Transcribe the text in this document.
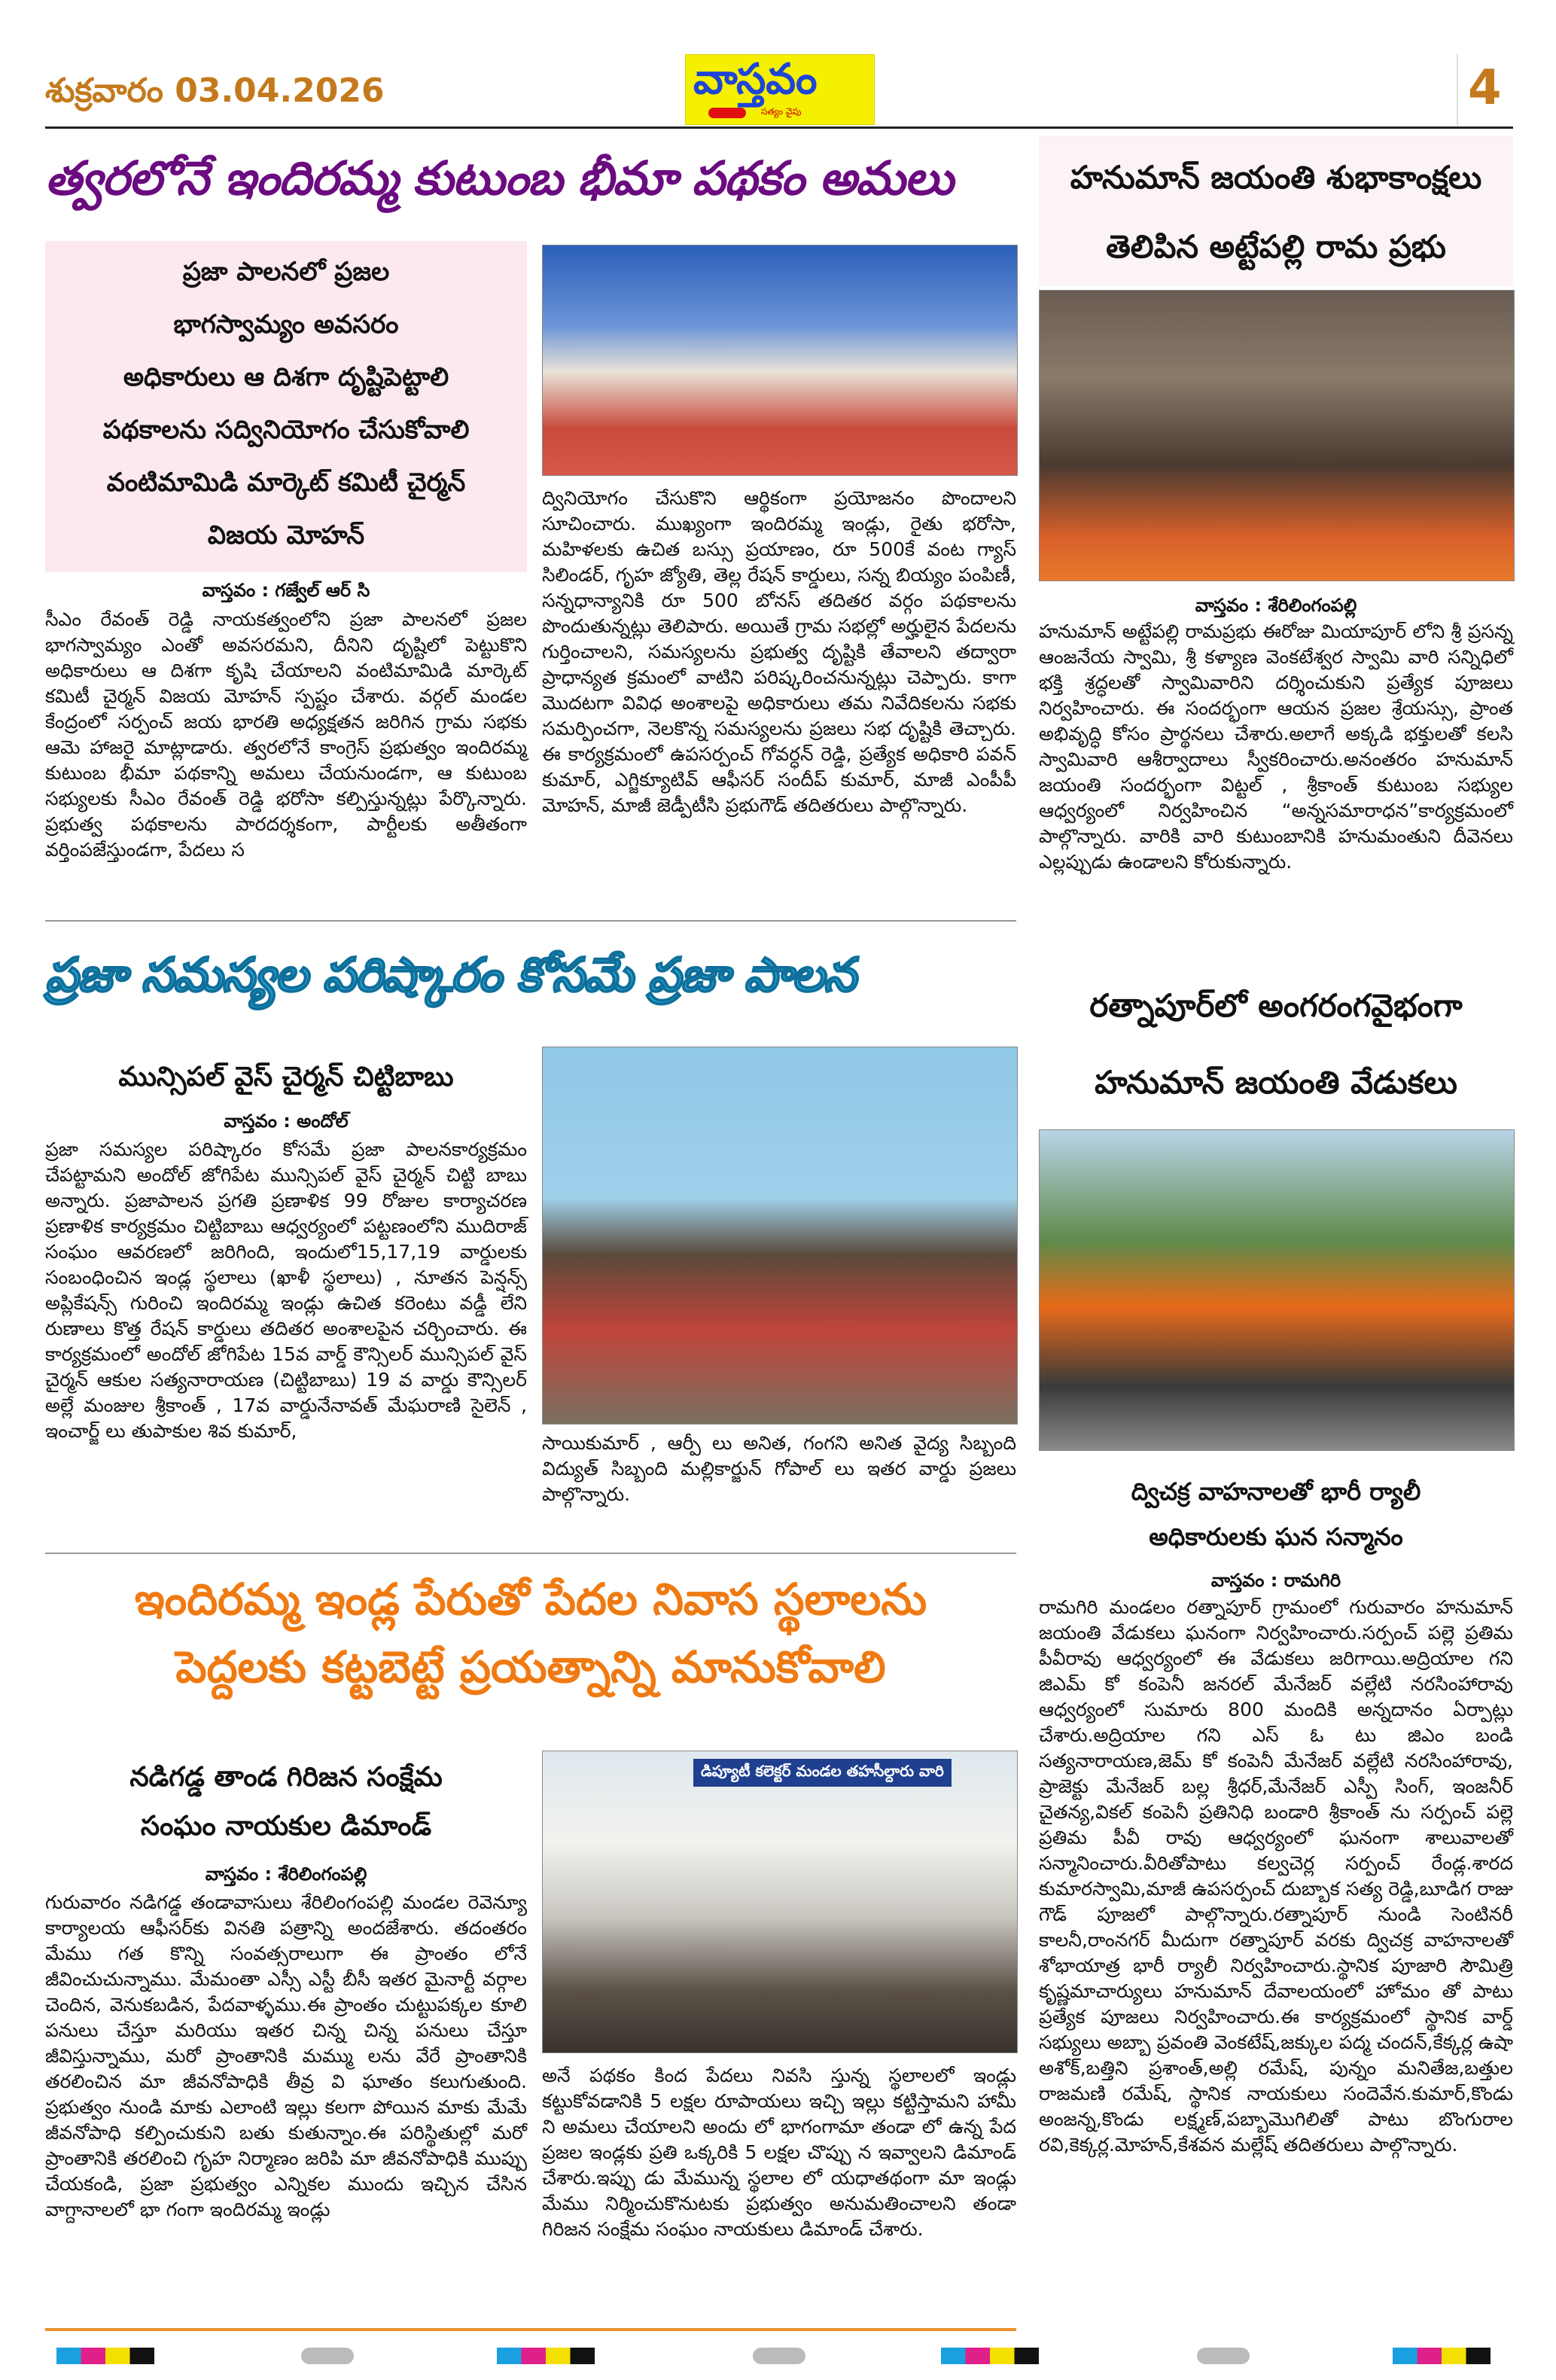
శుక్రవారం 03.04.2026	వాస్తవం
సత్యం వైపు	4
త్వరలోనే ఇందిరమ్మ కుటుంబ భీమా పథకం అమలు
ప్రజా పాలనలో ప్రజల
భాగస్వామ్యం అవసరం
అధికారులు ఆ దిశగా దృష్టిపెట్టాలి
పథకాలను సద్వినియోగం చేసుకోవాలి
వంటిమామిడి మార్కెట్ కమిటీ చైర్మన్
విజయ మోహన్
వాస్తవం : గజ్వేల్ ఆర్ సి
సీఎం రేవంత్ రెడ్డి నాయకత్వంలోని ప్రజా పాలనలో ప్రజల భాగస్వామ్యం ఎంతో అవసరమని, దీనిని దృష్టిలో పెట్టుకొని అధికారులు ఆ దిశగా కృషి చేయాలని వంటిమామిడి మార్కెట్ కమిటీ చైర్మన్ విజయ మోహన్ స్పష్టం చేశారు. వర్గల్ మండల కేంద్రంలో సర్పంచ్ జయ భారతి అధ్యక్షతన జరిగిన గ్రామ సభకు ఆమె హాజరై మాట్లాడారు. త్వరలోనే కాంగ్రెస్ ప్రభుత్వం ఇందిరమ్మ కుటుంబ భీమా పథకాన్ని అమలు చేయనుండగా, ఆ కుటుంబ సభ్యులకు సీఎం రేవంత్ రెడ్డి భరోసా కల్పిస్తున్నట్లు పేర్కొన్నారు. ప్రభుత్వ పథకాలను పారదర్శకంగా, పార్టీలకు అతీతంగా వర్తింపజేస్తుండగా, పేదలు స
ద్వినియోగం చేసుకొని ఆర్థికంగా ప్రయోజనం పొందాలని సూచించారు. ముఖ్యంగా ఇందిరమ్మ ఇండ్లు, రైతు భరోసా, మహిళలకు ఉచిత బస్సు ప్రయాణం, రూ 500కే వంట గ్యాస్ సిలిండర్, గృహ జ్యోతి, తెల్ల రేషన్ కార్డులు, సన్న బియ్యం పంపిణీ, సన్నధాన్యానికి రూ 500 బోనస్ తదితర వర్గం పథకాలను పొందుతున్నట్లు తెలిపారు. అయితే గ్రామ సభల్లో అర్హులైన పేదలను గుర్తించాలని, సమస్యలను ప్రభుత్వ దృష్టికి తేవాలని తద్వారా ప్రాధాన్యత క్రమంలో వాటిని పరిష్కరించనున్నట్లు చెప్పారు. కాగా మొదటగా వివిధ అంశాలపై అధికారులు తమ నివేదికలను సభకు సమర్పించగా, నెలకొన్న సమస్యలను ప్రజలు సభ దృష్టికి తెచ్చారు. ఈ కార్యక్రమంలో ఉపసర్పంచ్ గోవర్ధన్ రెడ్డి, ప్రత్యేక అధికారి పవన్ కుమార్, ఎగ్జిక్యూటివ్ ఆఫీసర్ సందీప్ కుమార్, మాజీ ఎంపీపీ మోహన్, మాజీ జెడ్పీటీసి ప్రభుగౌడ్ తదితరులు పాల్గొన్నారు.
ప్రజా సమస్యల పరిష్కారం కోసమే ప్రజా పాలన
మున్సిపల్ వైస్ చైర్మన్ చిట్టిబాబు
వాస్తవం : అందోల్
ప్రజా సమస్యల పరిష్కారం కోసమే ప్రజా పాలనకార్యక్రమం చేపట్టామని అందోల్ జోగిపేట మున్సిపల్ వైస్ చైర్మన్ చిట్టి బాబు అన్నారు. ప్రజాపాలన ప్రగతి ప్రణాళిక 99 రోజుల కార్యాచరణ ప్రణాళిక కార్యక్రమం చిట్టిబాబు ఆధ్వర్యంలో పట్టణంలోని ముదిరాజ్ సంఘం ఆవరణలో జరిగింది, ఇందులో15,17,19 వార్డులకు సంబంధించిన ఇండ్ల స్థలాలు (ఖాళీ స్థలాలు) , నూతన పెన్షన్స్ అప్లికేషన్స్ గురించి ఇందిరమ్మ ఇండ్లు ఉచిత కరెంటు వడ్డీ లేని రుణాలు కొత్త రేషన్ కార్డులు తదితర అంశాలపైన చర్చించారు. ఈ కార్యక్రమంలో అందోల్ జోగిపేట 15వ వార్డ్ కౌన్సిలర్ మున్సిపల్ వైస్ చైర్మన్ ఆకుల సత్యనారాయణ (చిట్టిబాబు) 19 వ వార్డు కౌన్సిలర్ అల్లే మంజుల శ్రీకాంత్ , 17వ వార్డునేనావత్ మేఘరాణి సైలెన్ , ఇంచార్జ్ లు తుపాకుల శివ కుమార్,
సాయికుమార్ , ఆర్పీ లు అనిత, గంగని అనిత వైద్య సిబ్బంది విద్యుత్ సిబ్బంది మల్లికార్జున్ గోపాల్ లు ఇతర వార్డు ప్రజలు పాల్గొన్నారు.
ఇందిరమ్మ ఇండ్ల పేరుతో పేదల నివాస స్థలాలను
పెద్దలకు కట్టబెట్టే ప్రయత్నాన్ని మానుకోవాలి
నడిగడ్డ తాండ గిరిజన సంక్షేమ
సంఘం నాయకుల డిమాండ్
వాస్తవం : శేరిలింగంపల్లి
గురువారం నడిగడ్డ తండావాసులు శేరిలింగంపల్లి మండల రెవెన్యూ కార్యాలయ ఆఫీసర్‌కు వినతి పత్రాన్ని అందజేశారు. తదంతరం మేము గత కొన్ని సంవత్సరాలుగా ఈ ప్రాంతం లోనే జీవించుచున్నాము. మేమంతా ఎస్సీ ఎస్టీ బీసీ ఇతర మైనార్టీ వర్గాల చెందిన, వెనుకబడిన, పేదవాళ్ళము.ఈ ప్రాంతం చుట్టుపక్కల కూలి పనులు చేస్తూ మరియు ఇతర చిన్న చిన్న పనులు చేస్తూ జీవిస్తున్నాము, మరో ప్రాంతానికి మమ్ము లను వేరే ప్రాంతానికి తరలించిన మా జీవనోపాధికి తీవ్ర వి ఘాతం కలుగుతుంది. ప్రభుత్వం నుండి మాకు ఎలాంటి ఇల్లు కలగా పోయిన మాకు మేమే జీవనోపాధి కల్పించుకుని బతు కుతున్నాం.ఈ పరిస్థితుల్లో మరో ప్రాంతానికి తరలించి గృహ నిర్మాణం జరిపి మా జీవనోపాధికి ముప్పు చేయకండి, ప్రజా ప్రభుత్వం ఎన్నికల ముందు ఇచ్చిన చేసిన వాగ్దానాలలో భా గంగా ఇందిరమ్మ ఇండ్లు
డిప్యూటీ కలెక్టర్ మండల తహసీల్దారు వారి
అనే పథకం కింద పేదలు నివసి స్తున్న స్థలాలలో ఇండ్లు కట్టుకోవడానికి 5 లక్షల రూపాయలు ఇచ్చి ఇల్లు కట్టిస్తామని హామీ ని అమలు చేయాలని అందు లో భాగంగామా తండా లో ఉన్న పేద ప్రజల ఇండ్లకు ప్రతి ఒక్కరికి 5 లక్షల చొప్పు న ఇవ్వాలని డిమాండ్ చేశారు.ఇప్పు డు మేమున్న స్థలాల లో యధాతథంగా మా ఇండ్లు మేము నిర్మించుకొనుటకు ప్రభుత్వం అనుమతించాలని తండా గిరిజన సంక్షేమ సంఘం నాయకులు డిమాండ్ చేశారు.
హనుమాన్ జయంతి శుభాకాంక్షలు
తెలిపిన అట్టేపల్లి రామ ప్రభు
వాస్తవం : శేరిలింగంపల్లి
హనుమాన్ అట్టేపల్లి రామప్రభు ఈరోజు మియాపూర్ లోని శ్రీ ప్రసన్న ఆంజనేయ స్వామి, శ్రీ కళ్యాణ వెంకటేశ్వర స్వామి వారి సన్నిధిలో భక్తి శ్రద్ధలతో స్వామివారిని దర్శించుకుని ప్రత్యేక పూజలు నిర్వహించారు. ఈ సందర్భంగా ఆయన ప్రజల శ్రేయస్సు, ప్రాంత అభివృద్ధి కోసం ప్రార్థనలు చేశారు.అలాగే అక్కడి భక్తులతో కలసి స్వామివారి ఆశీర్వాదాలు స్వీకరించారు.అనంతరం హనుమాన్ జయంతి సందర్భంగా విట్టల్ , శ్రీకాంత్ కుటుంబ సభ్యుల ఆధ్వర్యంలో నిర్వహించిన “అన్నసమారాధన”కార్యక్రమంలో పాల్గొన్నారు. వారికి వారి కుటుంబానికి హనుమంతుని దీవెనలు ఎల్లప్పుడు ఉండాలని కోరుకున్నారు.
రత్నాపూర్‌లో అంగరంగవైభంగా
హనుమాన్ జయంతి వేడుకలు
ద్విచక్ర వాహనాలతో భారీ ర్యాలీ
అధికారులకు ఘన సన్మానం
వాస్తవం : రామగిరి
రామగిరి మండలం రత్నాపూర్ గ్రామంలో గురువారం హనుమాన్ జయంతి వేడుకలు ఘనంగా నిర్వహించారు.సర్పంచ్ పల్లె ప్రతిమ పీవీరావు ఆధ్వర్యంలో ఈ వేడుకలు జరిగాయి.అద్రియాల గని జిఎమ్ కో కంపెనీ జనరల్ మేనేజర్ వల్లేటి నరసింహారావు ఆధ్వర్యంలో సుమారు 800 మందికి అన్నదానం ఏర్పాట్లు చేశారు.అద్రియాల గని ఎస్ ఓ టు జిఎం బండి సత్యనారాయణ,జెమ్ కో కంపెనీ మేనేజర్ వల్లేటి నరసింహారావు, ప్రాజెక్టు మేనేజర్ బల్ల శ్రీధర్,మేనేజర్ ఎస్పీ సింగ్, ఇంజనీర్ చైతన్య,వికల్ కంపెనీ ప్రతినిధి బండారి శ్రీకాంత్ ను సర్పంచ్ పల్లె ప్రతిమ పీవీ రావు ఆధ్వర్యంలో ఘనంగా శాలువాలతో సన్మానించారు.వీరితోపాటు కల్వచెర్ల సర్పంచ్ రేండ్ల.శారద కుమారస్వామి,మాజీ ఉపసర్పంచ్ దుబ్బాక సత్య రెడ్డి,బూడిగ రాజు గౌడ్ పూజలో పాల్గొన్నారు.రత్నాపూర్ నుండి సెంటినరీ కాలనీ,రాంనగర్ మీదుగా రత్నాపూర్ వరకు ద్విచక్ర వాహనాలతో శోభాయాత్ర భారీ ర్యాలీ నిర్వహించారు.స్థానిక పూజారి సౌమిత్రి కృష్ణమాచార్యులు హనుమాన్ దేవాలయంలో హోమం తో పాటు ప్రత్యేక పూజలు నిర్వహించారు.ఈ కార్యక్రమంలో స్థానిక వార్డ్ సభ్యులు అబ్బా ప్రవంతి వెంకటేష్,జక్కుల పద్మ చందన్,కేక్కర్ల ఉషా అశోక్,బత్తిని ప్రశాంత్,అల్లి రమేష్, పున్నం మనితేజ,బత్తుల రాజమణి రమేష్, స్థానిక నాయకులు సందెవేన.కుమార్,కొండు అంజన్న,కొండు లక్ష్మణ్,పబ్బామొగిలితో పాటు బొంగురాల రవి,కెక్కర్ల.మోహన్,కేశవన మల్లేష్ తదితరులు పాల్గొన్నారు.
